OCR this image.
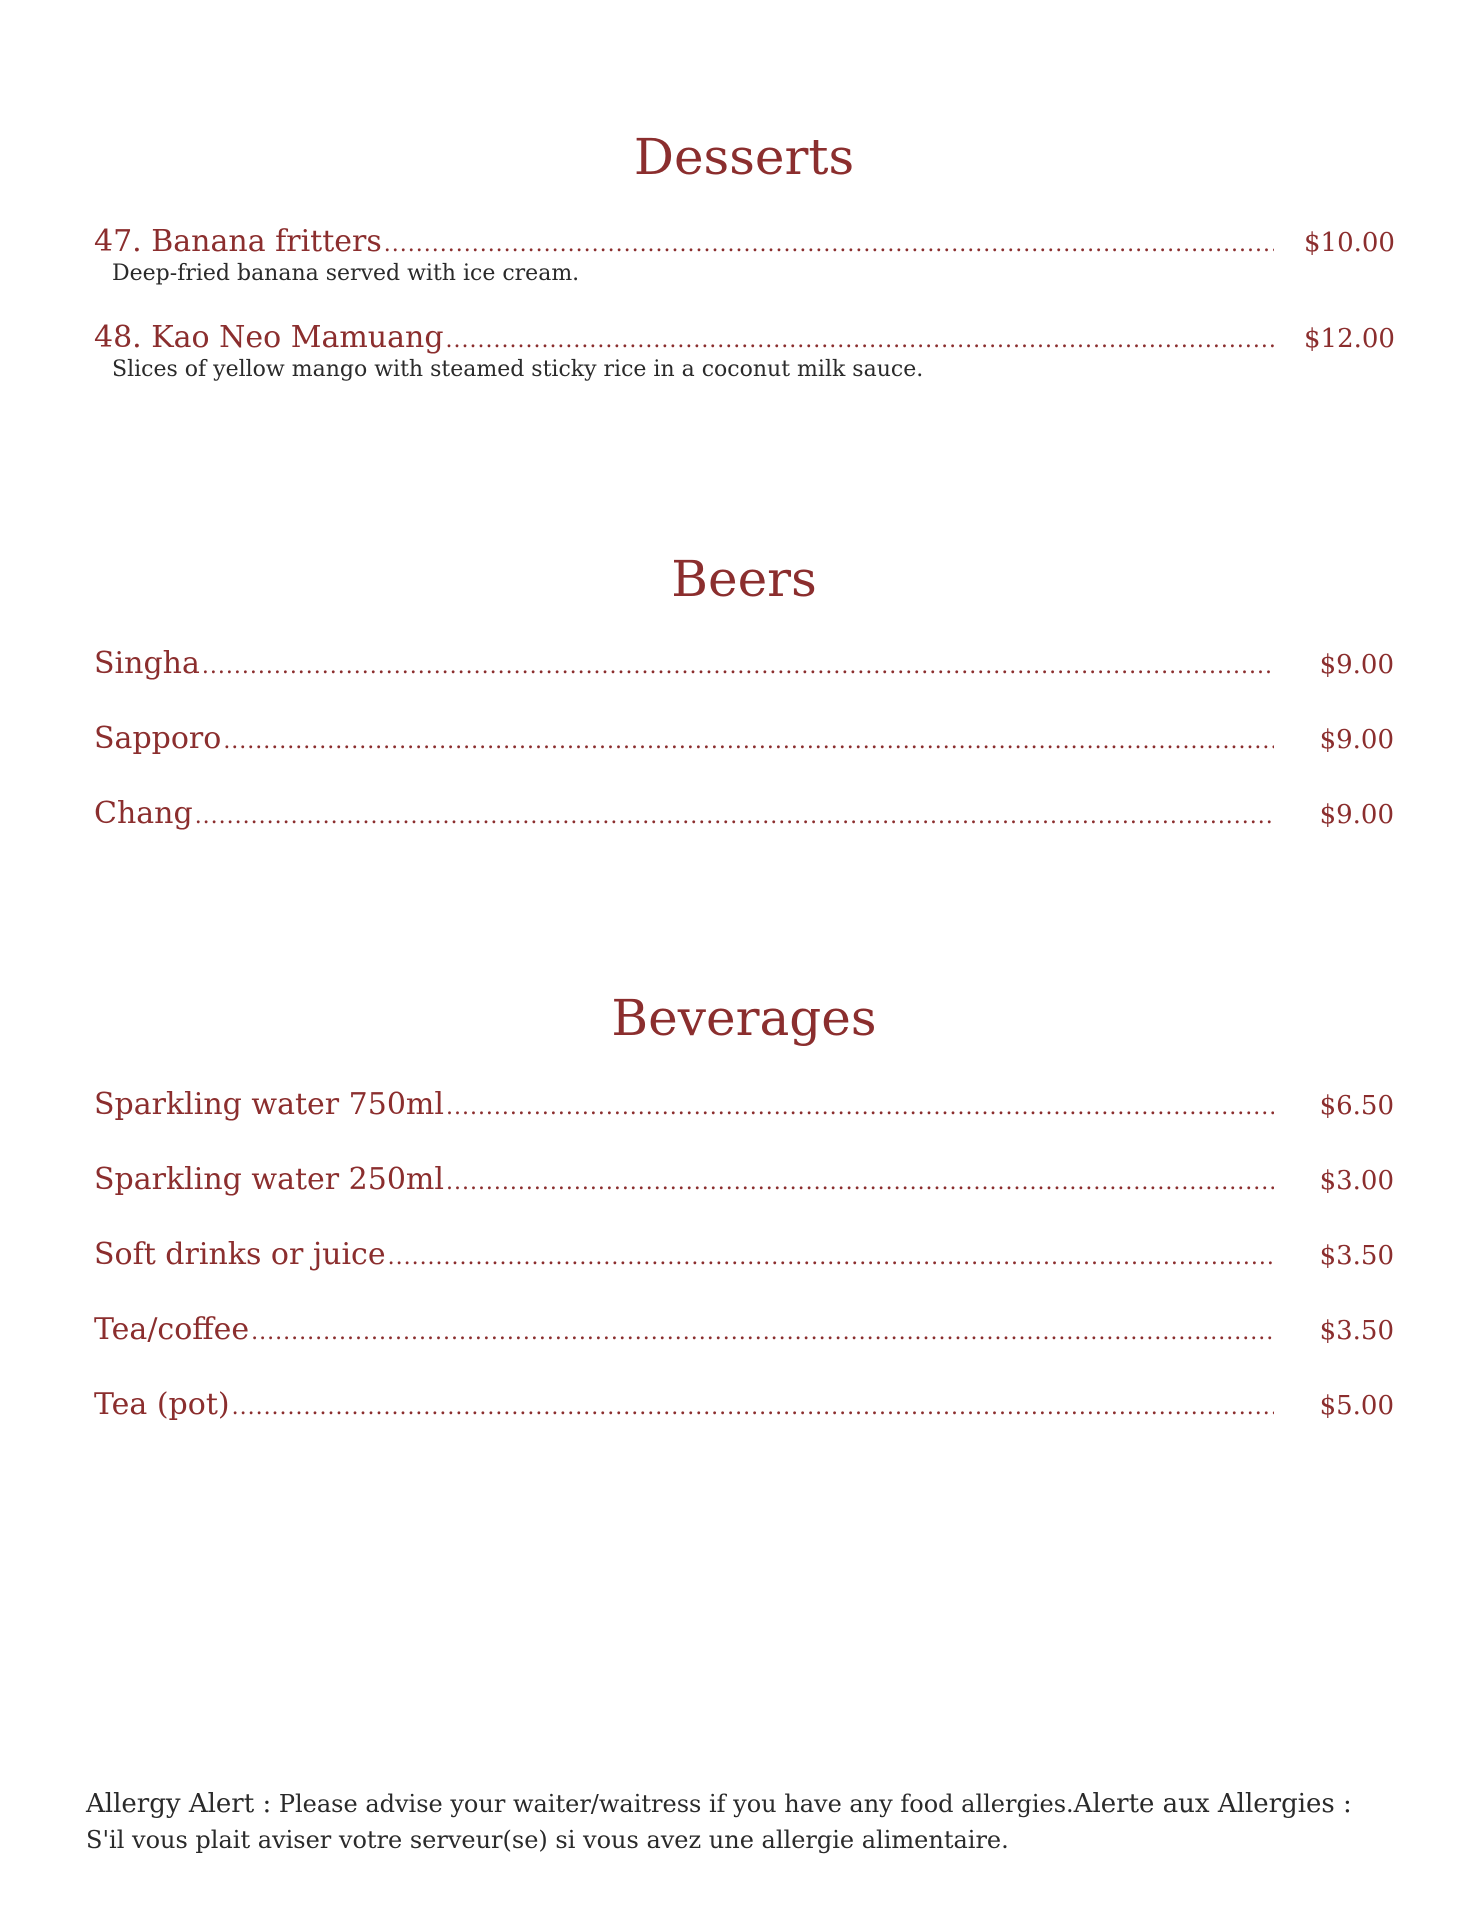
Desserts
47. Banana fritters .....	$10.00
Deep-fried banana served with ice cream.
48. Kao Neo Mamuang .....	$12.00
Slices of yellow mango with steamed sticky rice in a coconut milk sauce.
Beers
Singha .....	$9.00
Sapporo .....	$9.00
Chang .....	$9.00
Beverages
Sparkling water 750ml .....	$6.50
Sparkling water 250ml .....	$3.00
Soft drinks or juice .....	$3.50
Tea/coffee .....	$3.50
Tea (pot) .....	$5.00
Allergy Alert : Please advise your waiter/waitress if you have any food allergies.Alerte aux Allergies : S'il vous plait aviser votre serveur(se) si vous avez une allergie alimentaire.
